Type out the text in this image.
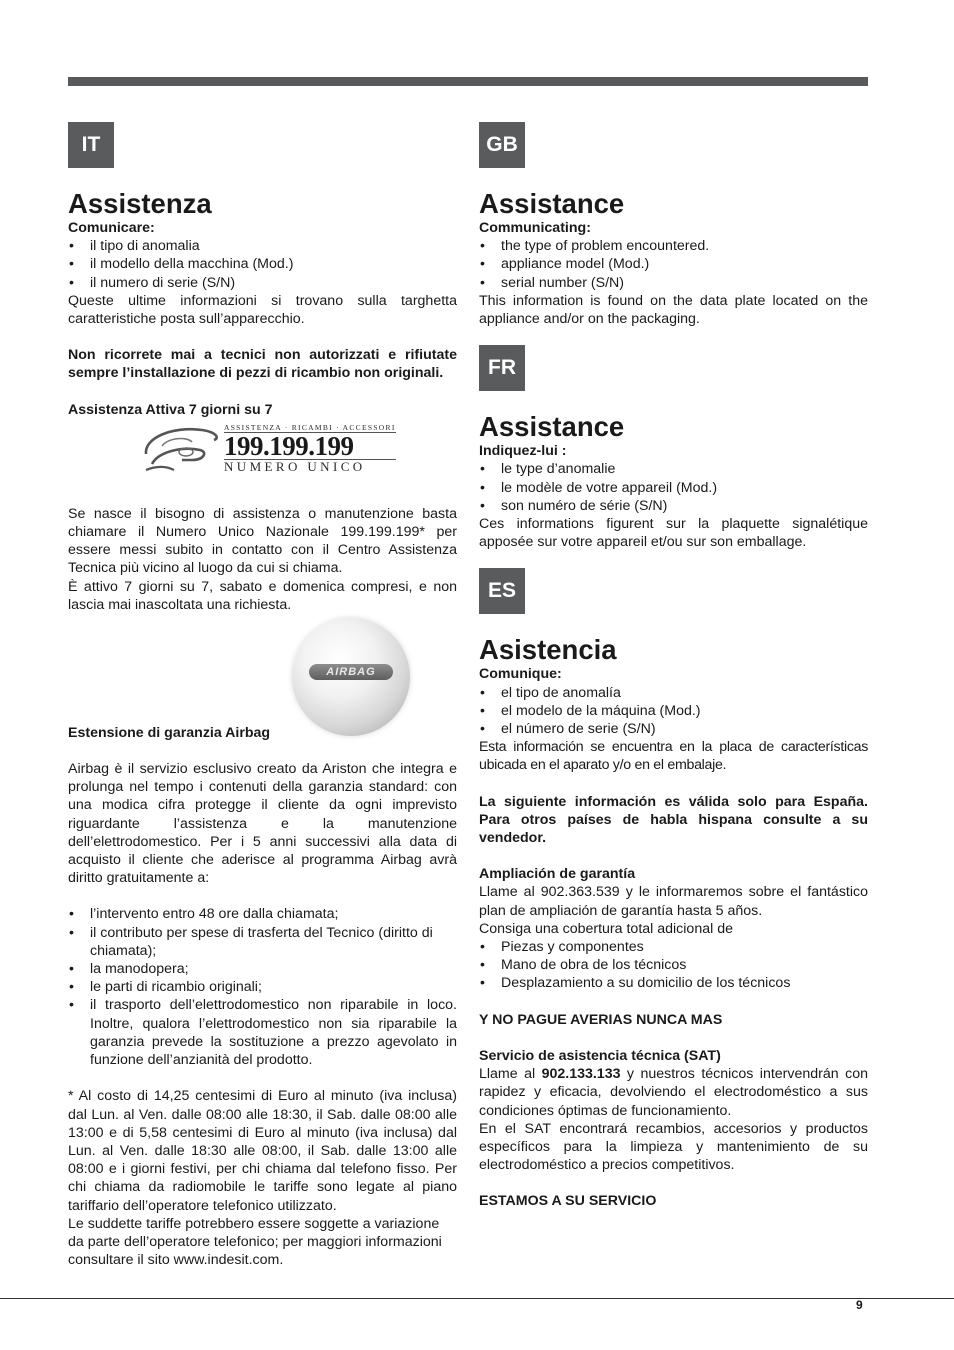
IT
Assistenza
Comunicare:
• il tipo di anomalia
• il modello della macchina (Mod.)
• il numero di serie (S/N)

Queste ultime informazioni si trovano sulla targhetta caratteristiche posta sull’apparecchio.

Non ricorrete mai a tecnici non autorizzati e rifiutate sempre l’installazione di pezzi di ricambio non originali.

Assistenza Attiva 7 giorni su 7
ASSISTENZA · RICAMBI · ACCESSORI
199.199.199
NUMERO UNICO

Se nasce il bisogno di assistenza o manutenzione basta chiamare il Numero Unico Nazionale 199.199.199* per essere messi subito in contatto con il Centro Assistenza Tecnica più vicino al luogo da cui si chiama.

È attivo 7 giorni su 7, sabato e domenica compresi, e non lascia mai inascoltata una richiesta.

AIRBAG
Estensione di garanzia Airbag

Airbag è il servizio esclusivo creato da Ariston che integra e prolunga nel tempo i contenuti della garanzia standard: con una modica cifra protegge il cliente da ogni imprevisto riguardante l’assistenza e la manutenzione dell’elettrodomestico. Per i 5 anni successivi alla data di acquisto il cliente che aderisce al programma Airbag avrà diritto gratuitamente a:

• l’intervento entro 48 ore dalla chiamata;
• il contributo per spese di trasferta del Tecnico (diritto di chiamata);
• la manodopera;
• le parti di ricambio originali;
• il trasporto dell’elettrodomestico non riparabile in loco. Inoltre, qualora l’elettrodomestico non sia riparabile la garanzia prevede la sostituzione a prezzo agevolato in funzione dell’anzianità del prodotto.

* Al costo di 14,25 centesimi di Euro al minuto (iva inclusa) dal Lun. al Ven. dalle 08:00 alle 18:30, il Sab. dalle 08:00 alle 13:00 e di 5,58 centesimi di Euro al minuto (iva inclusa) dal Lun. al Ven. dalle 18:30 alle 08:00, il Sab. dalle 13:00 alle 08:00 e i giorni festivi, per chi chiama dal telefono fisso. Per chi chiama da radiomobile le tariffe sono legate al piano tariffario dell’operatore telefonico utilizzato.

Le suddette tariffe potrebbero essere soggette a variazione da parte dell’operatore telefonico; per maggiori informazioni consultare il sito www.indesit.com.

GB
Assistance
Communicating:
• the type of problem encountered.
• appliance model (Mod.)
• serial number (S/N)

This information is found on the data plate located on the appliance and/or on the packaging.

FR
Assistance
Indiquez-lui :
• le type d’anomalie
• le modèle de votre appareil (Mod.)
• son numéro de série (S/N)

Ces informations figurent sur la plaquette signalétique apposée sur votre appareil et/ou sur son emballage.

ES
Asistencia
Comunique:
• el tipo de anomalía
• el modelo de la máquina (Mod.)
• el número de serie (S/N)

Esta información se encuentra en la placa de características ubicada en el aparato y/o en el embalaje.

La siguiente información es válida solo para España. Para otros países de habla hispana consulte a su vendedor.

Ampliación de garantía

Llame al 902.363.539 y le informaremos sobre el fantástico plan de ampliación de garantía hasta 5 años.

Consiga una cobertura total adicional de

• Piezas y componentes
• Mano de obra de los técnicos
• Desplazamiento a su domicilio de los técnicos
Y NO PAGUE AVERIAS NUNCA MAS
Servicio de asistencia técnica (SAT)

Llame al 902.133.133 y nuestros técnicos intervendrán con rapidez y eficacia, devolviendo el electrodoméstico a sus condiciones óptimas de funcionamiento.

En el SAT encontrará recambios, accesorios y productos específicos para la limpieza y mantenimiento de su electrodoméstico a precios competitivos.

ESTAMOS A SU SERVICIO
9
